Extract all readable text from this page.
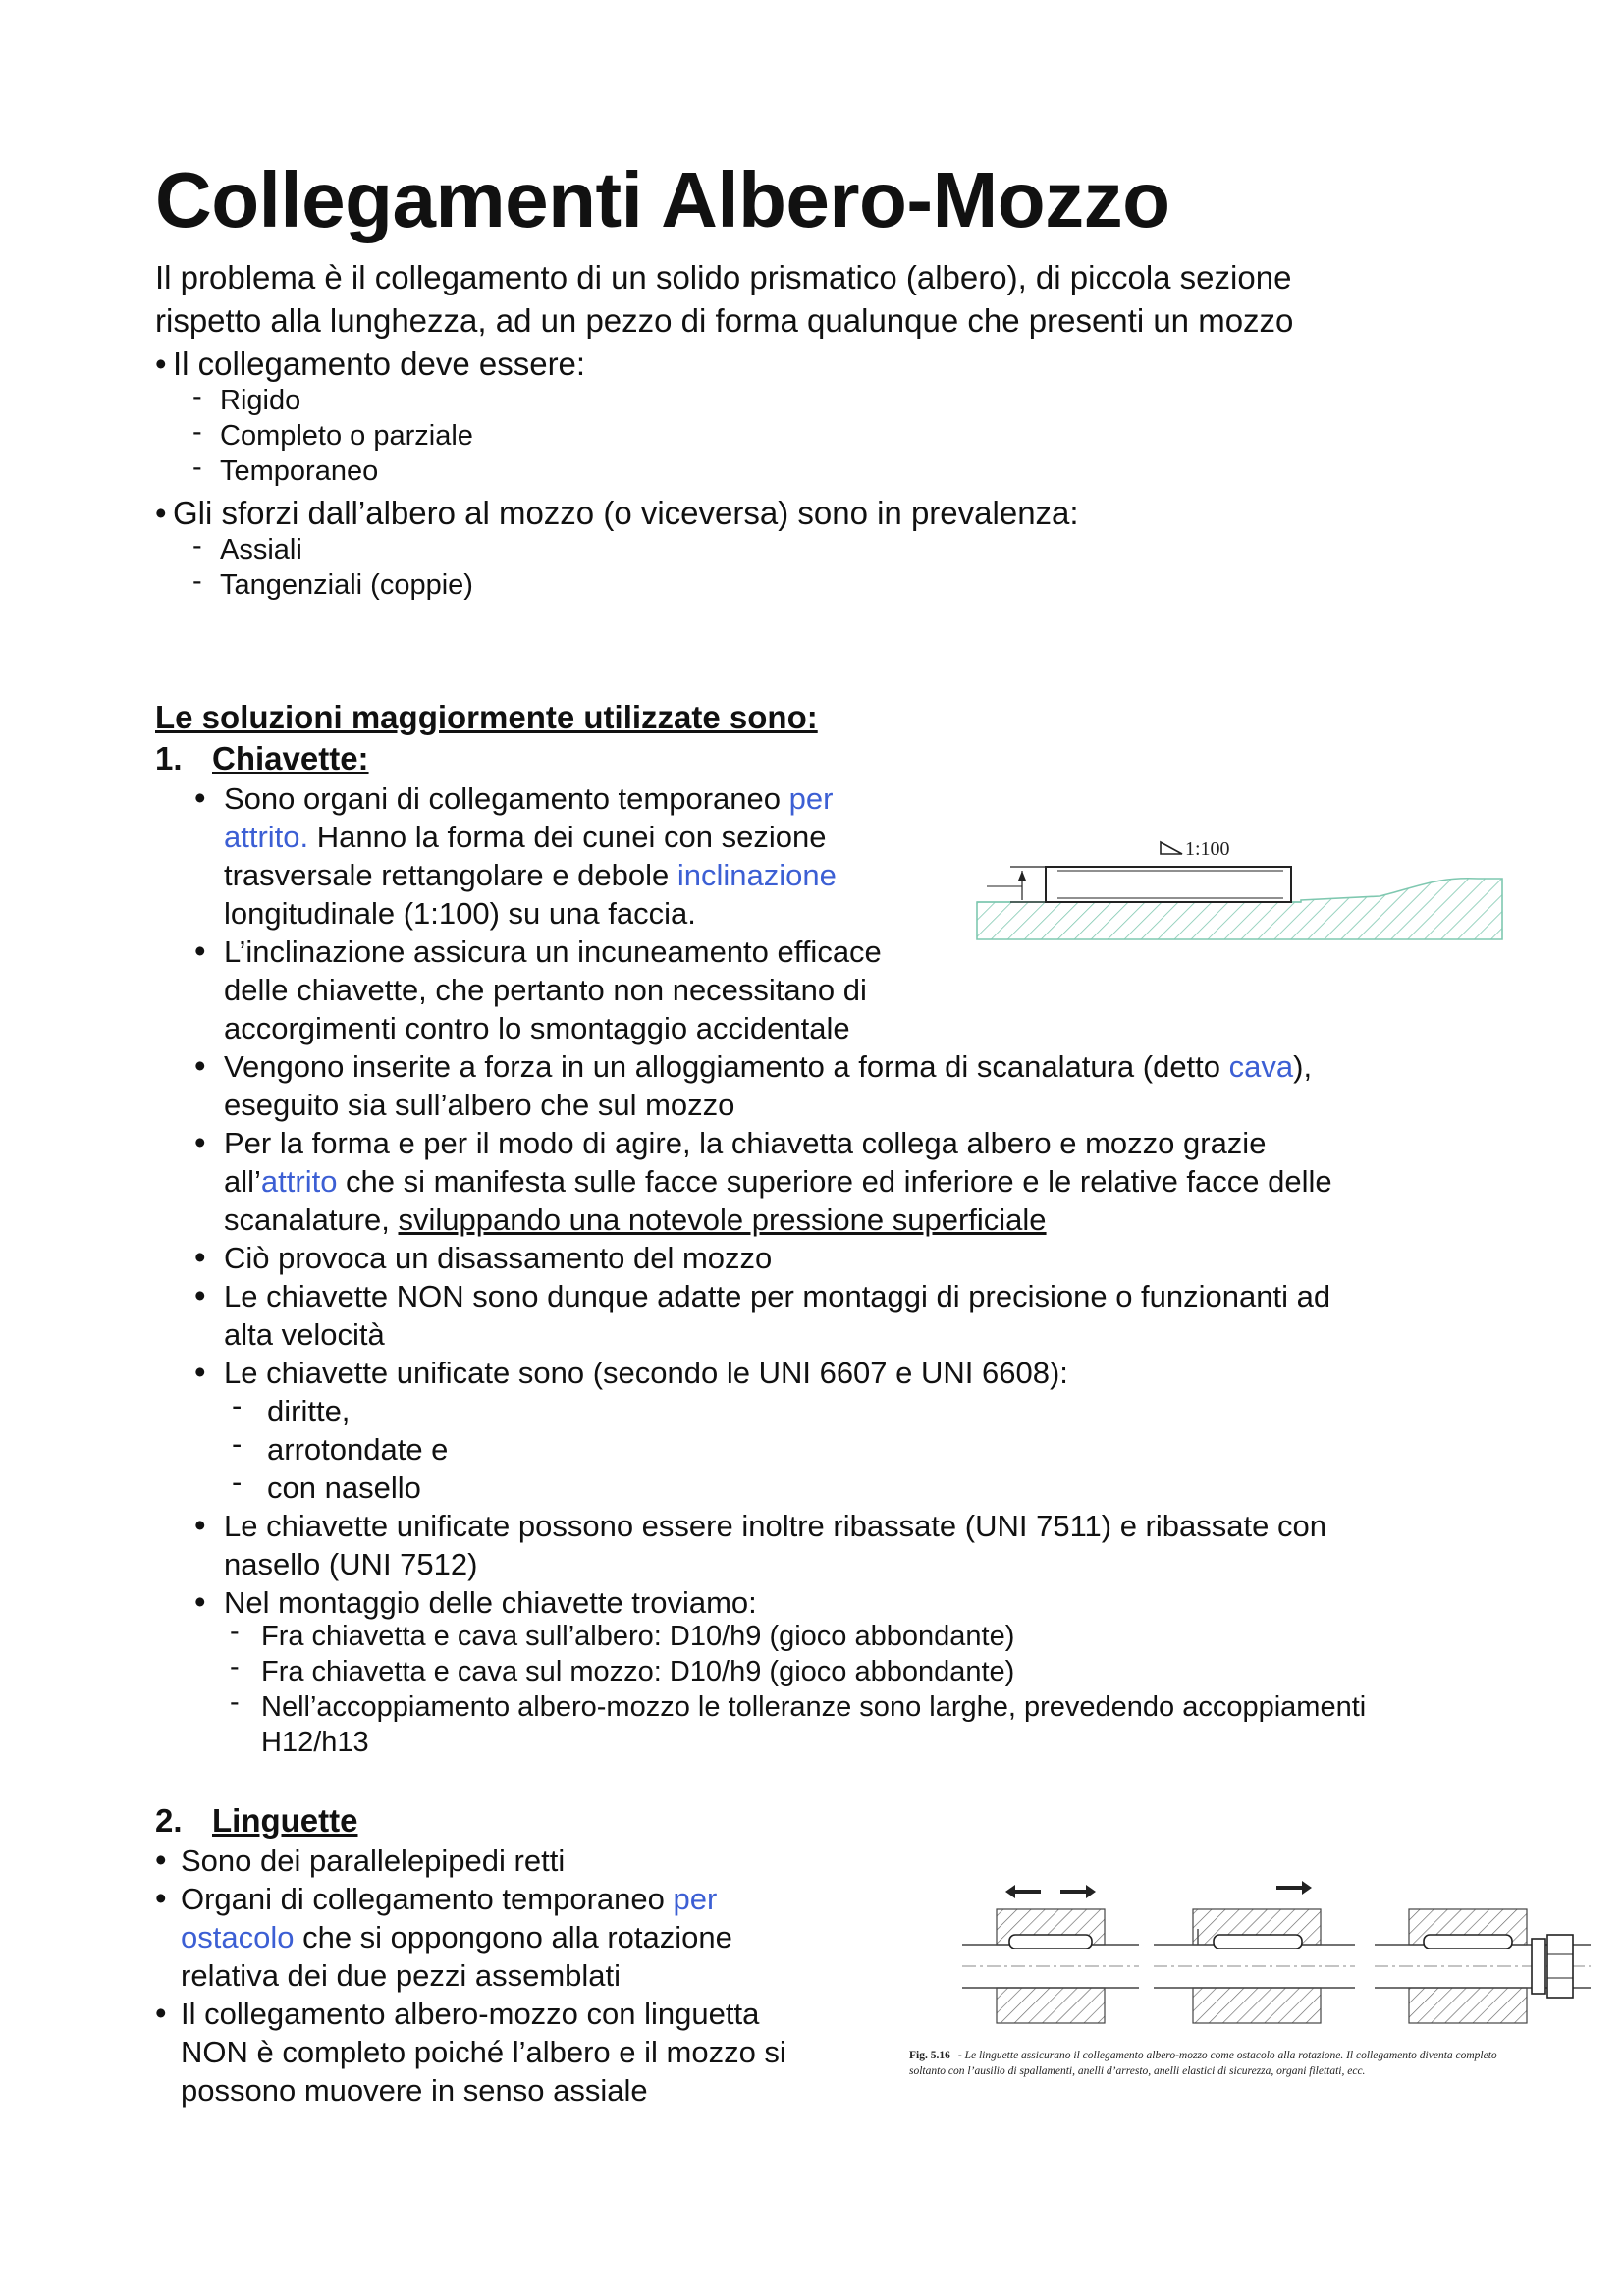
Collegamenti Albero-Mozzo

Il problema è il collegamento di un solido prismatico (albero), di piccola sezione

rispetto alla lunghezza, ad un pezzo di forma qualunque che presenti un mozzo

• Il collegamento deve essere:

- Rigido

- Completo o parziale

- Temporaneo

• Gli sforzi dall’albero al mozzo (o viceversa) sono in prevalenza:

- Assiali

- Tangenziali (coppie)

Le soluzioni maggiormente utilizzate sono:

1. Chiavette:

• Sono organi di collegamento temporaneo per

attrito. Hanno la forma dei cunei con sezione

trasversale rettangolare e debole inclinazione

longitudinale (1:100) su una faccia.

• L’inclinazione assicura un incuneamento efficace

delle chiavette, che pertanto non necessitano di

accorgimenti contro lo smontaggio accidentale

• Vengono inserite a forza in un alloggiamento a forma di scanalatura (detto cava),

eseguito sia sull’albero che sul mozzo

• Per la forma e per il modo di agire, la chiavetta collega albero e mozzo grazie

all’attrito che si manifesta sulle facce superiore ed inferiore e le relative facce delle

scanalature, sviluppando una notevole pressione superficiale

• Ciò provoca un disassamento del mozzo

• Le chiavette NON sono dunque adatte per montaggi di precisione o funzionanti ad

alta velocità

• Le chiavette unificate sono (secondo le UNI 6607 e UNI 6608):

- diritte,

- arrotondate e

- con nasello

• Le chiavette unificate possono essere inoltre ribassate (UNI 7511) e ribassate con

nasello (UNI 7512)

• Nel montaggio delle chiavette troviamo:

- Fra chiavetta e cava sull’albero: D10/h9 (gioco abbondante)

- Fra chiavetta e cava sul mozzo: D10/h9 (gioco abbondante)

- Nell’accoppiamento albero-mozzo le tolleranze sono larghe, prevedendo accoppiamenti

H12/h13

1:100

2. Linguette

• Sono dei parallelepipedi retti

• Organi di collegamento temporaneo per

ostacolo che si oppongono alla rotazione

relativa dei due pezzi assemblati

• Il collegamento albero-mozzo con linguetta

NON è completo poiché l’albero e il mozzo si

possono muovere in senso assiale

Fig. 5.16 - Le linguette assicurano il collegamento albero-mozzo come ostacolo alla rotazione. Il collegamento diventa completo
soltanto con l’ausilio di spallamenti, anelli d’arresto, anelli elastici di sicurezza, organi filettati, ecc.
